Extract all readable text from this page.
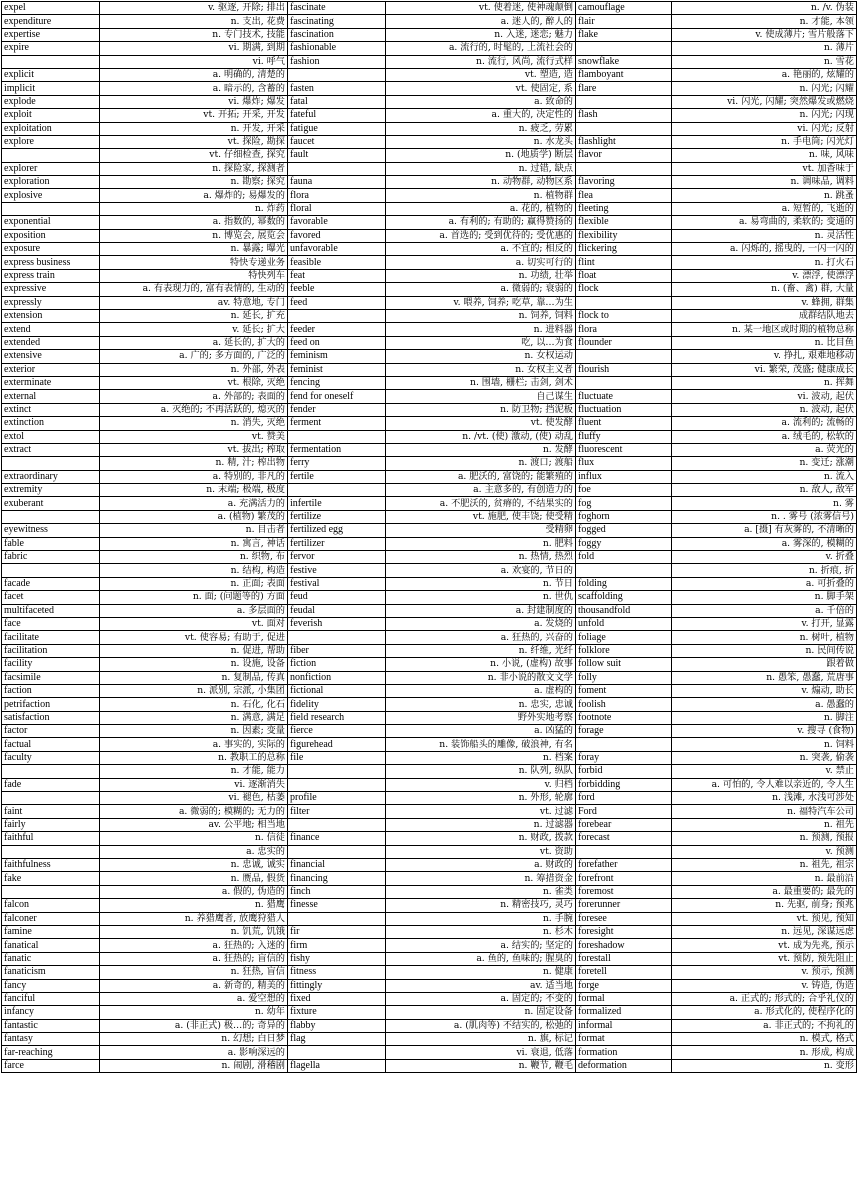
expel	v. 驱逐, 开除; 排出	fascinate	vt. 使着迷, 使神魂颠倒	camouflage	n. /v. 伪装
expenditure	n. 支出, 花费	fascinating	a. 迷人的, 醉人的	flair	n. 才能, 本领
expertise	n. 专门技术, 技能	fascination	n. 入迷, 迷恋; 魅力	flake	v. 使成薄片; 雪片般落下
expire	vi. 期满, 到期	fashionable	a. 流行的, 时髦的, 上流社会的		n. 薄片
	vi. 呼气	fashion	n. 流行, 风尚, 流行式样	snowflake	n. 雪花
explicit	a. 明确的, 清楚的		vt. 塑造, 造	flamboyant	a. 艳丽的, 炫耀的
implicit	a. 暗示的, 含蓄的	fasten	vt. 使固定, 系	flare	n. 闪光; 闪耀
explode	vi. 爆炸; 爆发	fatal	a. 致命的		vi. 闪光, 闪耀; 突然爆发或燃烧
exploit	vt. 开拓; 开采, 开发	fateful	a. 重大的, 决定性的	flash	n. 闪光; 闪现
exploitation	n. 开发, 开采	fatigue	n. 疲乏, 劳累		vi. 闪光; 反射
explore	vt. 探险, 勘探	faucet	n. 水龙头	flashlight	n. 手电筒; 闪光灯
	vt. 仔细检查, 探究	fault	n. (地质学) 断层	flavor	n. 味, 风味
explorer	n. 探险家, 探测者		n. 过错, 缺点		vt. 加香味于
exploration	n. 勘察; 探究	fauna	n. 动物群, 动物区系	flavoring	n. 调味品, 调料
explosive	a. 爆炸的; 易爆发的	flora	n. 植物群	flea	n. 跳蚤
	n. 炸药	floral	a. 花的, 植物的	fleeting	a. 短暂的, 飞逝的
exponential	a. 指数的, 幂数的	favorable	a. 有利的; 有助的; 赢得赞扬的	flexible	a. 易弯曲的, 柔软的; 变通的
exposition	n. 博览会, 展览会	favored	a. 首选的; 受到优待的; 受优惠的	flexibility	n. 灵活性
exposure	n. 暴露; 曝光	unfavorable	a. 不宜的; 相反的	flickering	a. 闪烁的, 摇曳的, 一闪一闪的
express business	特快专递业务	feasible	a. 切实可行的	flint	n. 打火石
express train	特快列车	feat	n. 功绩, 壮举	float	v. 漂浮, 使漂浮
expressive	a. 有表现力的, 富有表情的, 生动的	feeble	a. 微弱的; 衰弱的	flock	n. (畜、禽) 群, 大量
expressly	av. 特意地, 专门	feed	v. 喂养, 饲养; 吃草, 靠…为生		v. 蜂拥, 群集
extension	n. 延长, 扩充		n. 饲养, 饲料	flock to	成群结队地去
extend	v. 延长; 扩大	feeder	n. 进料器	flora	n. 某一地区或时期的植物总称
extended	a. 延长的, 扩大的	feed on	吃, 以…为食	flounder	n. 比目鱼
extensive	a. 广的; 多方面的, 广泛的	feminism	n. 女权运动		v. 挣扎, 艰难地移动
exterior	n. 外部, 外表	feminist	n. 女权主义者	flourish	vi. 繁荣, 茂盛; 健康成长
exterminate	vt. 根除, 灭绝	fencing	n. 围墙, 栅栏; 击剑, 剑术		n. 挥舞
external	a. 外部的; 表面的	fend for oneself	自己谋生	fluctuate	vi. 波动, 起伏
extinct	a. 灭绝的; 不再活跃的, 熄灭的	fender	n. 防卫物; 挡泥板	fluctuation	n. 波动, 起伏
extinction	n. 消失, 灭绝	ferment	vt. 使发酵	fluent	a. 流利的; 流畅的
extol	vt. 赞美		n. /vt. (使) 激动, (使) 动乱	fluffy	a. 绒毛的, 松软的
extract	vt. 拔出; 榨取	fermentation	n. 发酵	fluorescent	a. 荧光的
	n. 精, 汁; 榨出物	ferry	n. 渡口; 渡船	flux	n. 变迁; 涨潮
extraordinary	a. 特别的, 非凡的	fertile	a. 肥沃的, 富饶的; 能繁殖的	influx	n. 流入
extremity	n. 末端; 极端, 极度		a. 主意多的, 有创造力的	foe	n. 敌人, 敌军
exuberant	a. 充满活力的	infertile	a. 不肥沃的, 贫瘠的, 不结果实的	fog	n. 雾
	a. (植物) 繁茂的	fertilize	vt. 施肥, 使丰饶; 使受精	foghorn	n. . 雾号 (浓雾信号)
eyewitness	n. 目击者	fertilized egg	受精卵	fogged	a. [摄] 有灰雾的, 不清晰的
fable	n. 寓言, 神话	fertilizer	n. 肥料	foggy	a. 雾深的, 模糊的
fabric	n. 织物, 布	fervor	n. 热情, 热烈	fold	v. 折叠
	n. 结构, 构造	festive	a. 欢宴的, 节日的		n. 折痕, 折
facade	n. 正面; 表面	festival	n. 节日	folding	a. 可折叠的
facet	n. 面; (问题等的) 方面	feud	n. 世仇	scaffolding	n. 脚手架
multifaceted	a. 多层面的	feudal	a. 封建制度的	thousandfold	a. 千倍的
face	vt. 面对	feverish	a. 发烧的	unfold	v. 打开, 显露
facilitate	vt. 使容易; 有助于, 促进		a. 狂热的, 兴奋的	foliage	n. 树叶, 植物
facilitation	n. 促进, 帮助	fiber	n. 纤维, 光纤	folklore	n. 民间传说
facility	n. 设施, 设备	fiction	n. 小说, (虚构) 故事	follow suit	跟着做
facsimile	n. 复制品, 传真	nonfiction	n. 非小说的散文文学	folly	n. 愚笨, 愚蠢, 荒唐事
faction	n. 派别, 宗派, 小集团	fictional	a. 虚构的	foment	v. 煽动, 助长
petrifaction	n. 石化, 化石	fidelity	n. 忠实, 忠诚	foolish	a. 愚蠢的
satisfaction	n. 满意, 满足	field research	野外实地考察	footnote	n. 脚注
factor	n. 因素; 变量	fierce	a. 凶猛的	forage	v. 搜寻 (食物)
factual	a. 事实的, 实际的	figurehead	n. 装饰船头的雕像, 破浪神, 有名		n. 饲料
faculty	n. 教职工的总称	file	n. 档案	foray	n. 突袭, 偷袭
	n. 才能, 能力		n. 队列, 纵队	forbid	v. 禁止
fade	vi. 逐渐消失		v. 归档	forbidding	a. 可怕的, 令人难以亲近的, 令人生
	vi. 褪色, 枯萎	profile	n. 外形, 轮廓	ford	n. 浅滩, 水浅可涉处
faint	a. 微弱的; 模糊的; 无力的	filter	vt. 过滤	Ford	n. 福特汽车公司
fairly	av. 公平地; 相当地		n. 过滤器	forebear	n. 祖先
faithful	n. 信徒	finance	n. 财政, 拨款	forecast	n. 预测, 预报
	a. 忠实的		vt. 资助		v. 预测
faithfulness	n. 忠诚, 诚实	financial	a. 财政的	forefather	n. 祖先, 祖宗
fake	n. 赝品, 假货	financing	n. 筹措资金	forefront	n. 最前沿
	a. 假的, 伪造的	finch	n. 雀类	foremost	a. 最重要的; 最先的
falcon	n. 猎鹰	finesse	n. 精密技巧, 灵巧	forerunner	n. 先驱, 前身; 预兆
falconer	n. 养猎鹰者, 放鹰狩猎人		n. 手腕	foresee	vt. 预见, 预知
famine	n. 饥荒, 饥饿	fir	n. 杉木	foresight	n. 远见, 深谋远虑
fanatical	a. 狂热的; 入迷的	firm	a. 结实的; 坚定的	foreshadow	vt. 成为先兆, 预示
fanatic	a. 狂热的; 盲信的	fishy	a. 鱼的, 鱼味的; 腥臭的	forestall	vt. 预防, 预先阻止
fanaticism	n. 狂热, 盲信	fitness	n. 健康	foretell	v. 预示, 预测
fancy	a. 新奇的, 精美的	fittingly	av. 适当地	forge	v. 铸造, 伪造
fanciful	a. 爱空想的	fixed	a. 固定的; 不变的	formal	a. 正式的; 形式的; 合乎礼仪的
infancy	n. 幼年	fixture	n. 固定设备	formalized	a. 形式化的, 使程序化的
fantastic	a. (非正式) 极…的; 奇异的	flabby	a. (肌肉等) 不结实的, 松弛的	informal	a. 非正式的; 不拘礼的
fantasy	n. 幻想; 白日梦	flag	n. 旗, 标记	format	n. 模式, 格式
far-reaching	a. 影响深远的		vi. 衰退, 低落	formation	n. 形成, 构成
farce	n. 闹剧, 滑稽剧	flagella	n. 鞭节, 鞭毛	deformation	n. 变形
